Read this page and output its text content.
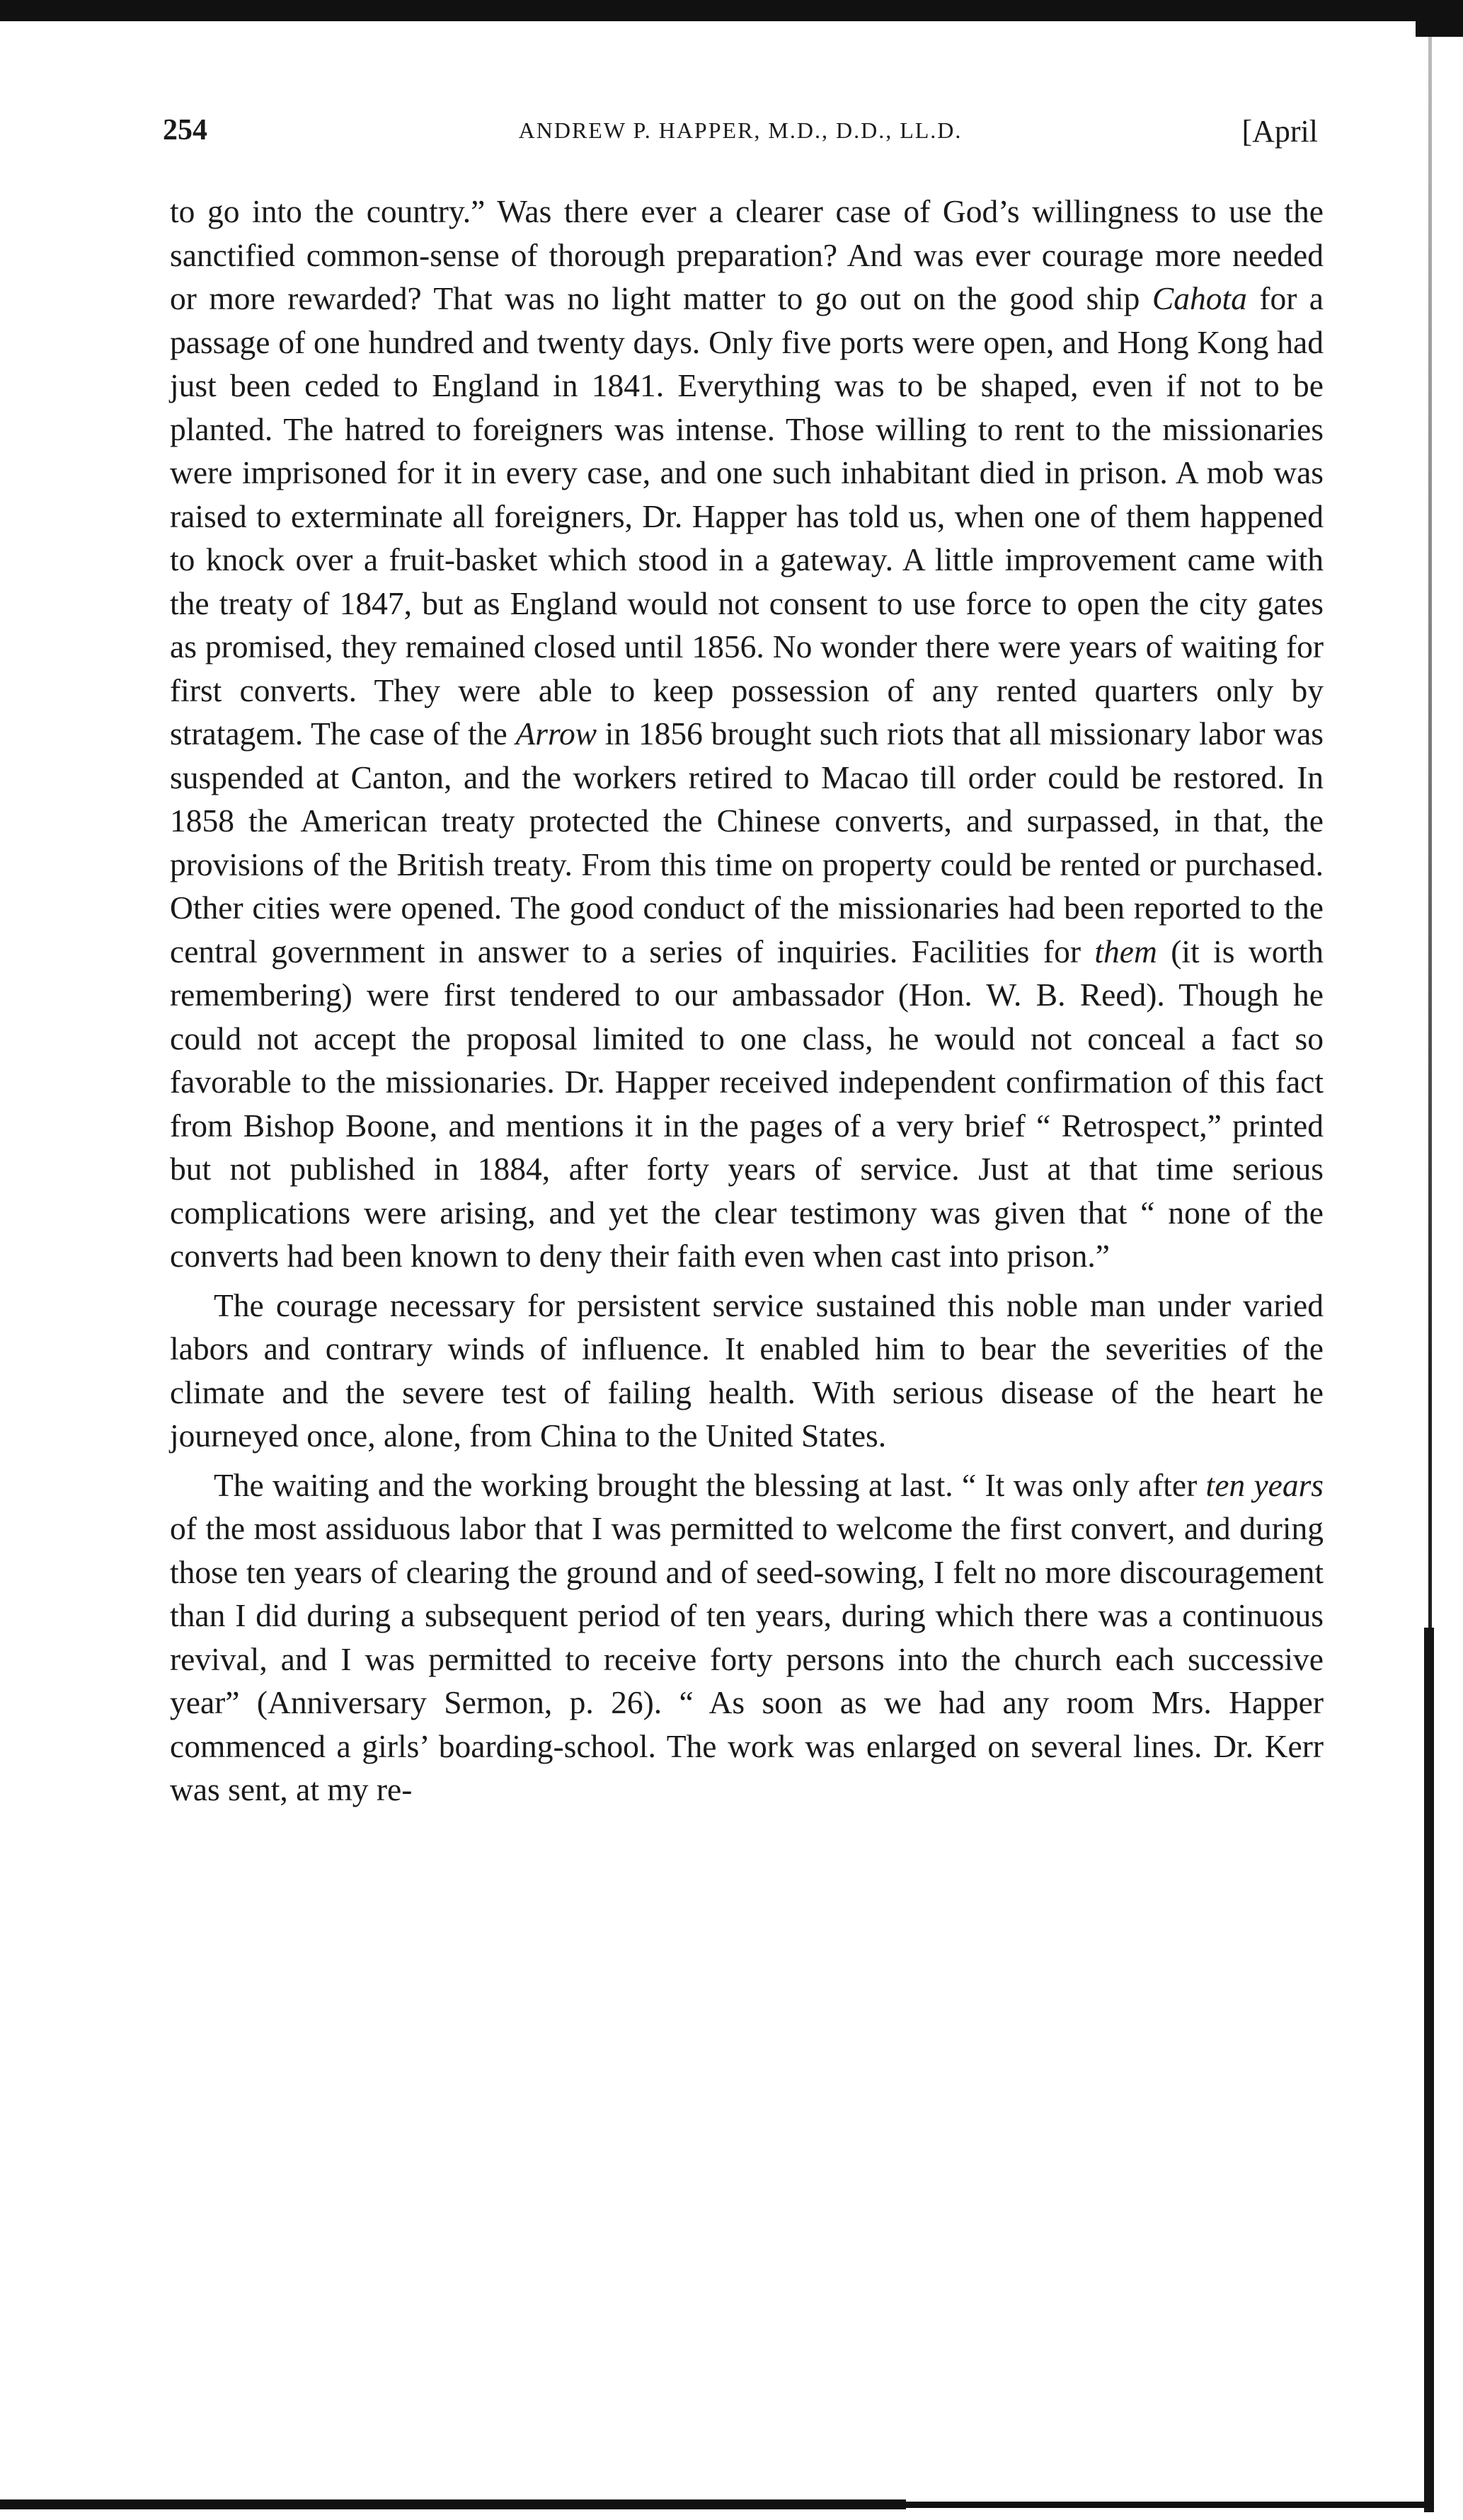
254	ANDREW P. HAPPER, M.D., D.D., LL.D.	[April

to go into the country.” Was there ever a clearer case of God’s willingness to use the sanctified common-sense of thorough preparation? And was ever courage more needed or more rewarded? That was no light matter to go out on the good ship Cahota for a passage of one hundred and twenty days. Only five ports were open, and Hong Kong had just been ceded to England in 1841. Everything was to be shaped, even if not to be planted. The hatred to foreigners was intense. Those willing to rent to the missionaries were imprisoned for it in every case, and one such inhabitant died in prison. A mob was raised to exterminate all foreigners, Dr. Happer has told us, when one of them happened to knock over a fruit-basket which stood in a gateway. A little improvement came with the treaty of 1847, but as England would not consent to use force to open the city gates as promised, they remained closed until 1856. No wonder there were years of waiting for first converts. They were able to keep possession of any rented quarters only by stratagem. The case of the Arrow in 1856 brought such riots that all missionary labor was suspended at Canton, and the workers retired to Macao till order could be restored. In 1858 the American treaty protected the Chinese converts, and surpassed, in that, the provisions of the British treaty. From this time on property could be rented or purchased. Other cities were opened. The good conduct of the missionaries had been reported to the central government in answer to a series of inquiries. Facilities for them (it is worth remembering) were first tendered to our ambassador (Hon. W. B. Reed). Though he could not accept the proposal limited to one class, he would not conceal a fact so favorable to the missionaries. Dr. Happer received independent confirmation of this fact from Bishop Boone, and mentions it in the pages of a very brief “ Retrospect,” printed but not published in 1884, after forty years of service. Just at that time serious complications were arising, and yet the clear testimony was given that “ none of the converts had been known to deny their faith even when cast into prison.”

The courage necessary for persistent service sustained this noble man under varied labors and contrary winds of influence. It enabled him to bear the severities of the climate and the severe test of failing health. With serious disease of the heart he journeyed once, alone, from China to the United States.

The waiting and the working brought the blessing at last. “ It was only after ten years of the most assiduous labor that I was permitted to welcome the first convert, and during those ten years of clearing the ground and of seed-sowing, I felt no more discouragement than I did during a subsequent period of ten years, during which there was a continuous revival, and I was permitted to receive forty persons into the church each successive year” (Anniversary Sermon, p. 26). “ As soon as we had any room Mrs. Happer commenced a girls’ boarding-school. The work was enlarged on several lines. Dr. Kerr was sent, at my re-
